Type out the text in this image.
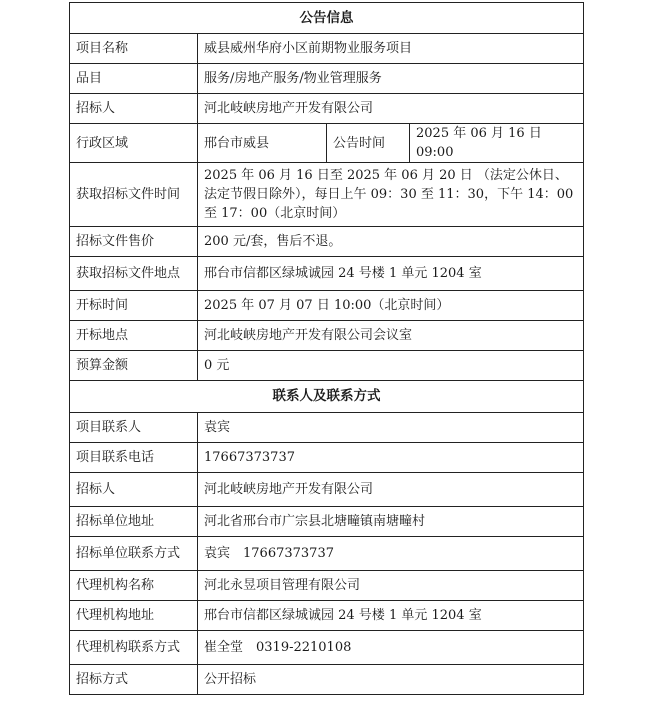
公告信息			
项目名称	威县威州华府小区前期物业服务项目		
品目	服务/房地产服务/物业管理服务		
招标人	河北岐峡房地产开发有限公司		
行政区域	邢台市威县	公告时间	2025 年 06 月 16 日 09:00
获取招标文件时间	2025 年 06 月 16 日至 2025 年 06 月 20 日 （法定公休日、法定节假日除外），每日上午 09：30 至 11：30，下午 14：00 至 17：00（北京时间）		
招标文件售价	200 元/套，售后不退。		
获取招标文件地点	邢台市信都区绿城诚园 24 号楼 1 单元 1204 室		
开标时间	2025 年 07 月 07 日 10:00（北京时间）		
开标地点	河北岐峡房地产开发有限公司会议室		
预算金额	0 元		
联系人及联系方式			
项目联系人	袁宾		
项目联系电话	17667373737		
招标人	河北岐峡房地产开发有限公司		
招标单位地址	河北省邢台市广宗县北塘疃镇南塘疃村		
招标单位联系方式	袁宾　17667373737		
代理机构名称	河北永昱项目管理有限公司		
代理机构地址	邢台市信都区绿城诚园 24 号楼 1 单元 1204 室		
代理机构联系方式	崔全堂　0319-2210108		
招标方式	公开招标		
